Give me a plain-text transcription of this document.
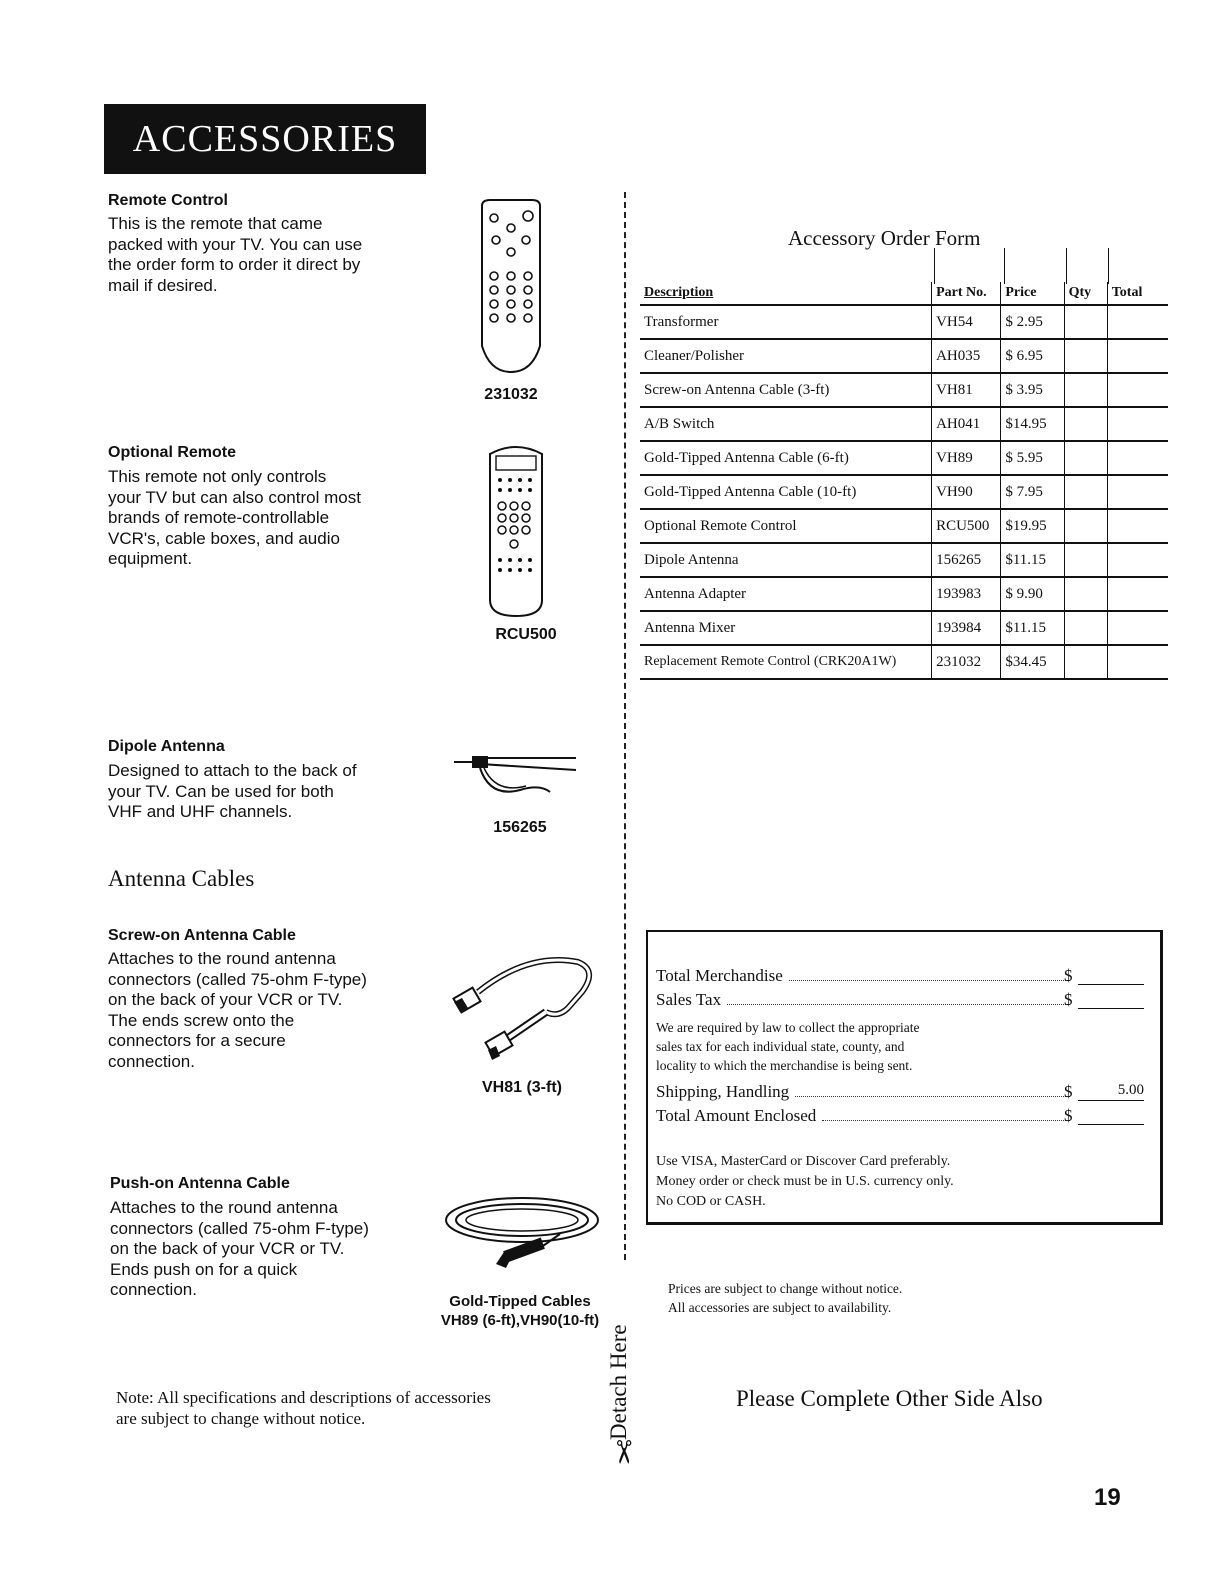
ACCESSORIES
Remote Control
This is the remote that came
packed with your TV. You can use
the order form to order it direct by
mail if desired.
231032
Optional Remote
This remote not only controls
your TV but can also control most
brands of remote-controllable
VCR's, cable boxes, and audio
equipment.
RCU500
Dipole Antenna
Designed to attach to the back of
your TV. Can be used for both
VHF and UHF channels.
156265
Antenna Cables
Screw-on Antenna Cable
Attaches to the round antenna
connectors (called 75-ohm F-type)
on the back of your VCR or TV.
The ends screw onto the
connectors for a secure
connection.
VH81 (3-ft)
Push-on Antenna Cable
Attaches to the round antenna
connectors (called 75-ohm F-type)
on the back of your VCR or TV.
Ends push on for a quick
connection.
Gold-Tipped Cables
VH89 (6-ft),VH90(10-ft)
Note: All specifications and descriptions of accessories
are subject to change without notice.	Detach Here
✂
Accessory Order Form
Description	Part No.	Price	Qty	Total
Transformer	VH54	$ 2.95		
Cleaner/Polisher	AH035	$ 6.95		
Screw-on Antenna Cable (3-ft)	VH81	$ 3.95		
A/B Switch	AH041	$14.95		
Gold-Tipped Antenna Cable (6-ft)	VH89	$ 5.95		
Gold-Tipped Antenna Cable (10-ft)	VH90	$ 7.95		
Optional Remote Control	RCU500	$19.95		
Dipole Antenna	156265	$11.15		
Antenna Adapter	193983	$ 9.90		
Antenna Mixer	193984	$11.15		
Replacement Remote Control (CRK20A1W)	231032	$34.45		
Total Merchandise	$
Sales Tax	$
We are required by law to collect the appropriate
sales tax for each individual state, county, and
locality to which the merchandise is being sent.
Shipping, Handling	$	5.00
Total Amount Enclosed	$
Use VISA, MasterCard or Discover Card preferably.
Money order or check must be in U.S. currency only.
No COD or CASH.
Prices are subject to change without notice.
All accessories are subject to availability.
Please Complete Other Side Also
19
